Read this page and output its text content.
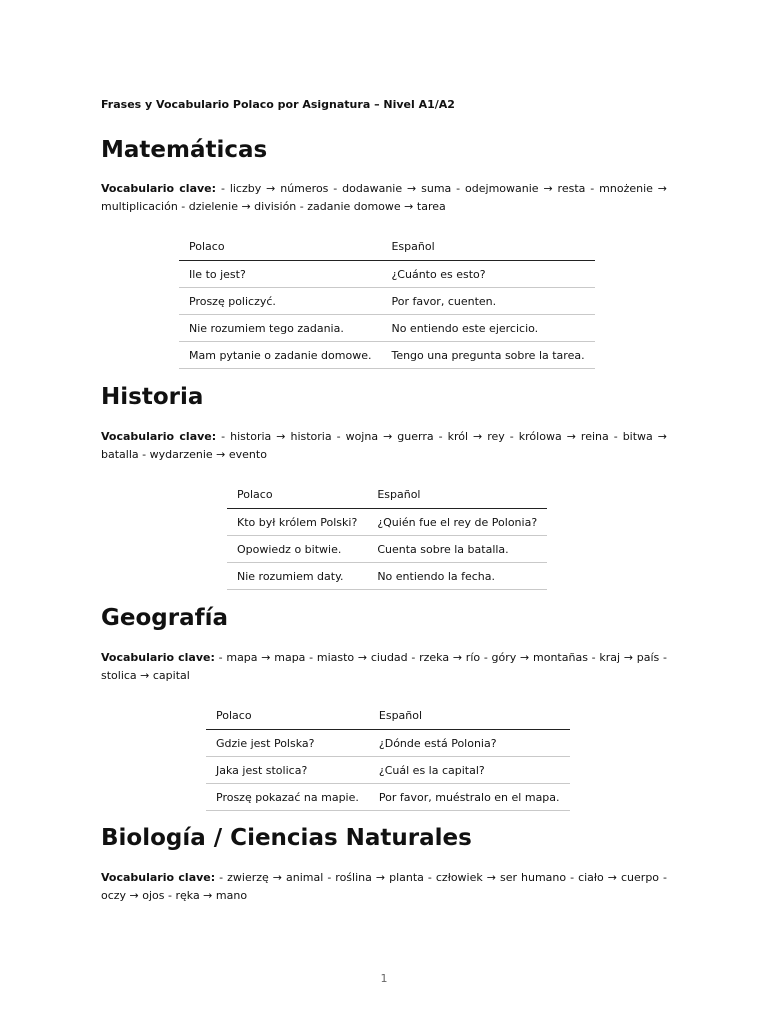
Frases y Vocabulario Polaco por Asignatura – Nivel A1/A2
Matemáticas
Vocabulario clave: - liczby → números - dodawanie → suma - odejmowanie → resta - mnożenie → multiplicación - dzielenie → división - zadanie domowe → tarea
Polaco	Español
Ile to jest?	¿Cuánto es esto?
Proszę policzyć.	Por favor, cuenten.
Nie rozumiem tego zadania.	No entiendo este ejercicio.
Mam pytanie o zadanie domowe.	Tengo una pregunta sobre la tarea.
Historia
Vocabulario clave: - historia → historia - wojna → guerra - król → rey - królowa → reina - bitwa → batalla - wydarzenie → evento
Polaco	Español
Kto był królem Polski?	¿Quién fue el rey de Polonia?
Opowiedz o bitwie.	Cuenta sobre la batalla.
Nie rozumiem daty.	No entiendo la fecha.
Geografía
Vocabulario clave: - mapa → mapa - miasto → ciudad - rzeka → río - góry → montañas - kraj → país - stolica → capital
Polaco	Español
Gdzie jest Polska?	¿Dónde está Polonia?
Jaka jest stolica?	¿Cuál es la capital?
Proszę pokazać na mapie.	Por favor, muéstralo en el mapa.
Biología / Ciencias Naturales
Vocabulario clave: - zwierzę → animal - roślina → planta - człowiek → ser humano - ciało → cuerpo - oczy → ojos - ręka → mano
1
